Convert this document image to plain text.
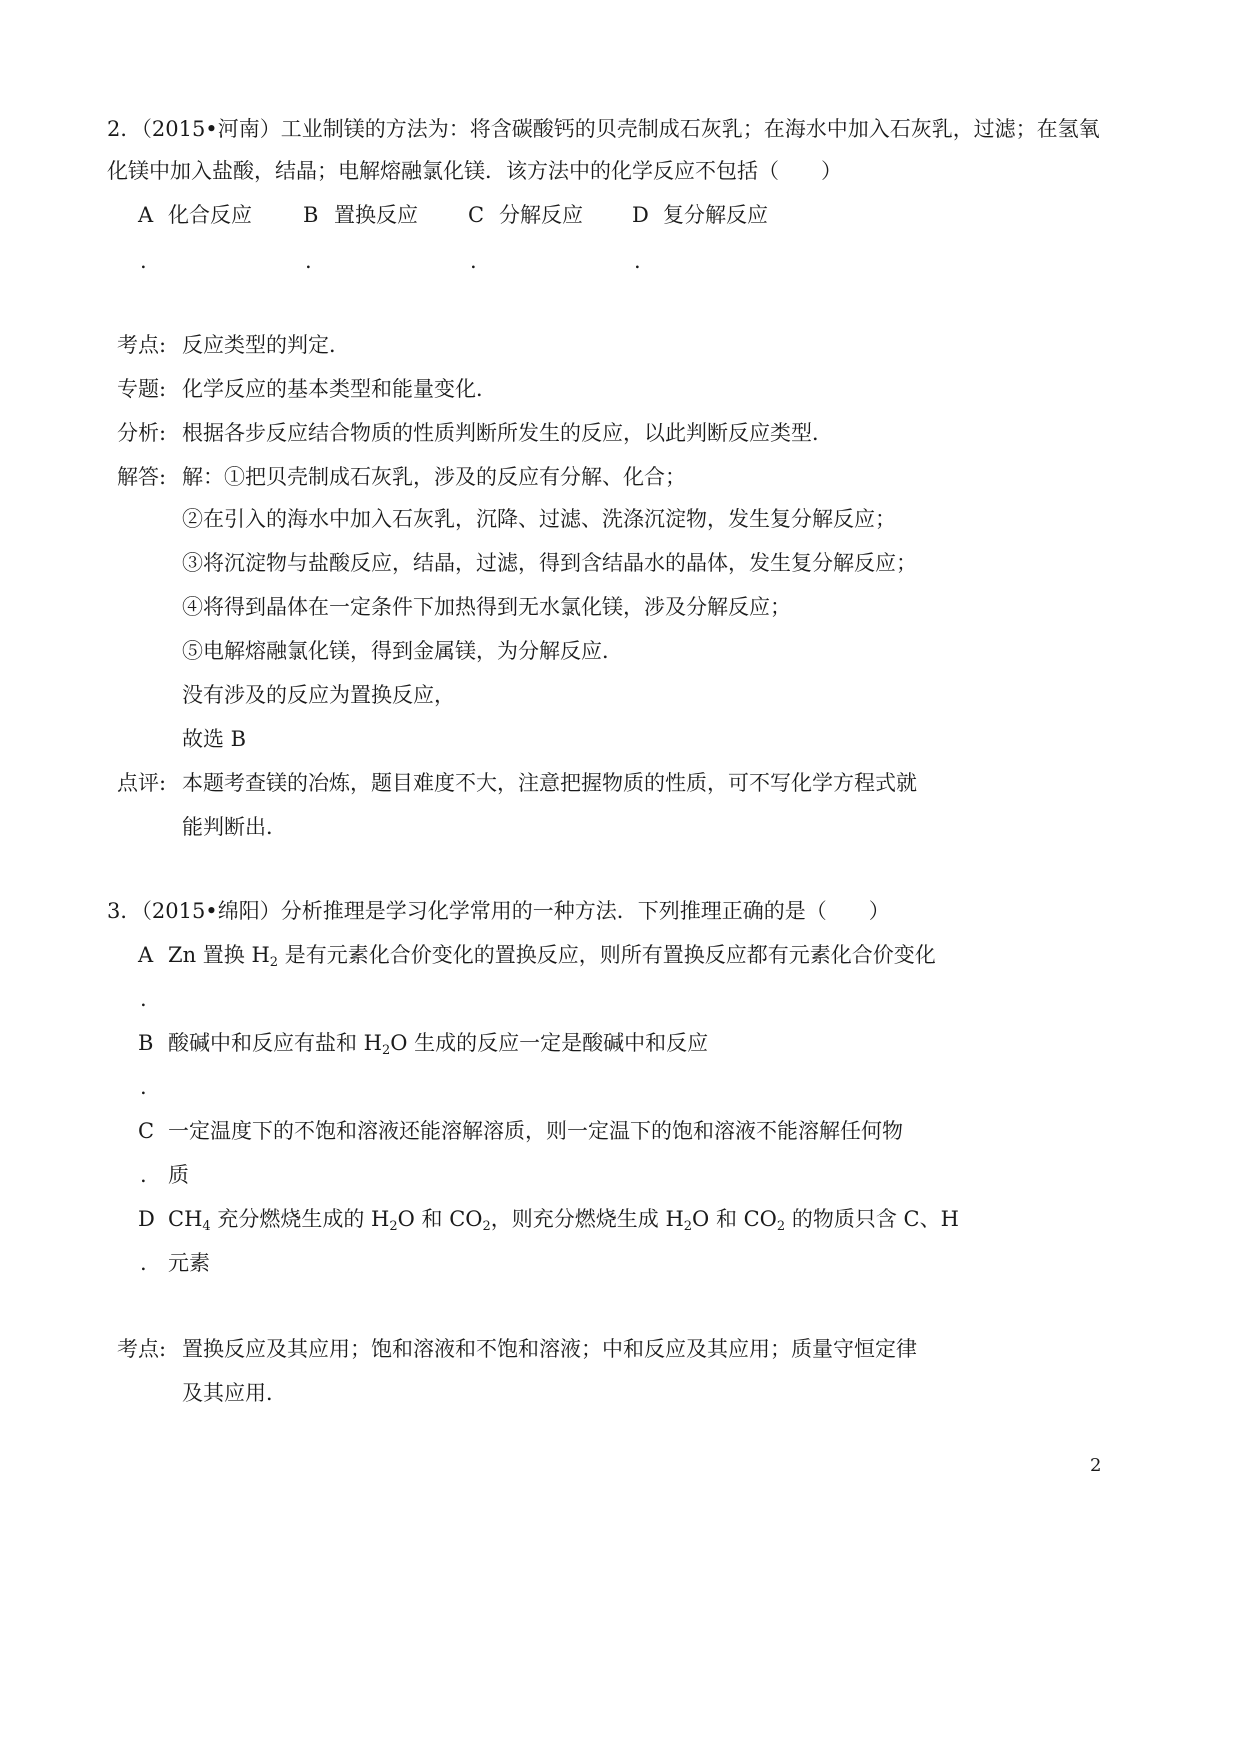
2．（2015•河南）工业制镁的方法为：将含碳酸钙的贝壳制成石灰乳；在海水中加入石灰乳，过滤；在氢氧
化镁中加入盐酸，结晶；电解熔融氯化镁．该方法中的化学反应不包括（　　）
A 化合反应
.
B 置换反应
.
C 分解反应
.
D 复分解反应
.
考点: 反应类型的判定．
专题: 化学反应的基本类型和能量变化．
分析: 根据各步反应结合物质的性质判断所发生的反应，以此判断反应类型．
解答: 解：①把贝壳制成石灰乳，涉及的反应有分解、化合；
②在引入的海水中加入石灰乳，沉降、过滤、洗涤沉淀物，发生复分解反应；
③将沉淀物与盐酸反应，结晶，过滤，得到含结晶水的晶体，发生复分解反应；
④将得到晶体在一定条件下加热得到无水氯化镁，涉及分解反应；
⑤电解熔融氯化镁，得到金属镁，为分解反应．
没有涉及的反应为置换反应，
故选 B
点评: 本题考查镁的冶炼，题目难度不大，注意把握物质的性质，可不写化学方程式就
能判断出．
3．（2015•绵阳）分析推理是学习化学常用的一种方法．下列推理正确的是（　　）
A Zn 置换 $H_2$ 是有元素化合价变化的置换反应，则所有置换反应都有元素化合价变化
.
B 酸碱中和反应有盐和 $H_2O$ 生成的反应一定是酸碱中和反应
.
C 一定温度下的不饱和溶液还能溶解溶质，则一定温下的饱和溶液不能溶解任何物
. 质
D $CH_4$ 充分燃烧生成的 $H_2O$ 和 $CO_2$，则充分燃烧生成 $H_2O$ 和 $CO_2$ 的物质只含 C、H
. 元素
考点: 置换反应及其应用；饱和溶液和不饱和溶液；中和反应及其应用；质量守恒定律
及其应用．
2
